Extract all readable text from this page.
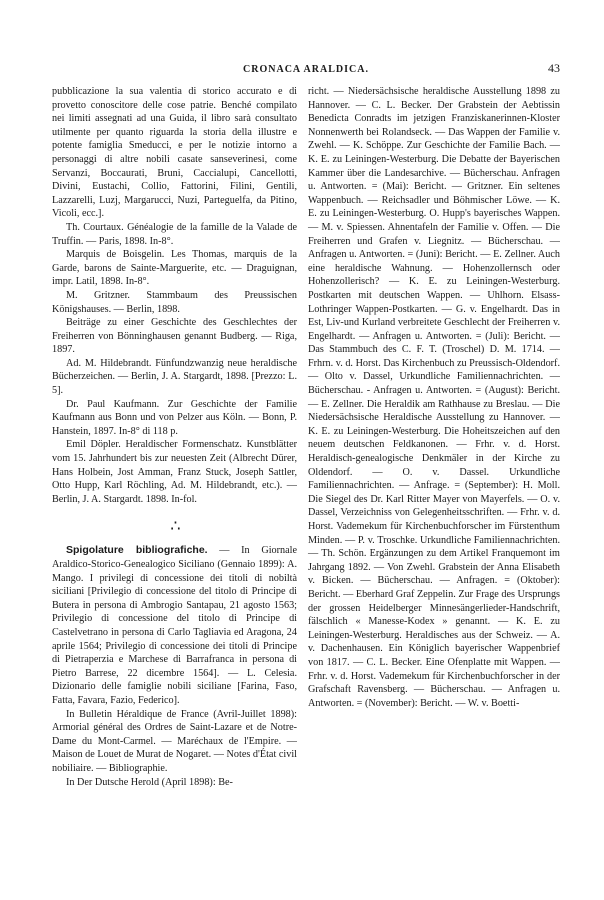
CRONACA ARALDICA.	43

pubblicazione la sua valentia di storico accurato e di provetto conoscitore delle cose patrie. Benché compilato nei limiti assegnati ad una Guida, il libro sarà consultato utilmente per quanto riguarda la storia della illustre e potente famiglia Smeducci, e per le notizie intorno a personaggi di altre nobili casate sanseverinesi, come Servanzi, Boccaurati, Bruni, Caccialupi, Cancellotti, Divini, Eustachi, Collio, Fattorini, Filini, Gentili, Lazzarelli, Luzj, Margarucci, Nuzi, Parteguelfa, da Pitino, Vicoli, ecc.].

Th. Courtaux. Généalogie de la famille de la Valade de Truffin. — Paris, 1898. In-8°.

Marquis de Boisgelin. Les Thomas, marquis de la Garde, barons de Sainte-Marguerite, etc. — Draguignan, impr. Latil, 1898. In-8°.

M. Gritzner. Stammbaum des Preussischen Königshauses. — Berlin, 1898.

Beiträge zu einer Geschichte des Geschlechtes der Freiherren von Bönninghausen genannt Budberg. — Riga, 1897.

Ad. M. Hildebrandt. Fünfundzwanzig neue heraldische Bücherzeichen. — Berlin, J. A. Stargardt, 1898. [Prezzo: L. 5].

Dr. Paul Kaufmann. Zur Geschichte der Familie Kaufmann aus Bonn und von Pelzer aus Köln. — Bonn, P. Hanstein, 1897. In-8° di 118 p.

Emil Döpler. Heraldischer Formenschatz. Kunstblätter vom 15. Jahrhundert bis zur neuesten Zeit (Albrecht Dürer, Hans Holbein, Jost Amman, Franz Stuck, Joseph Sattler, Otto Hupp, Karl Röchling, Ad. M. Hildebrandt, etc.). — Berlin, J. A. Stargardt. 1898. In-fol.

∴

Spigolature bibliografiche. — In Giornale Araldico-Storico-Genealogico Siciliano (Gennaio 1899): A. Mango. I privilegi di concessione dei titoli di nobiltà siciliani [Privilegio di concessione del titolo di Principe di Butera in persona di Ambrogio Santapau, 21 agosto 1563; Privilegio di concessione del titolo di Principe di Castelvetrano in persona di Carlo Tagliavia ed Aragona, 24 aprile 1564; Privilegio di concessione dei titoli di Principe di Pietraperzia e Marchese di Barrafranca in persona di Pietro Barrese, 22 dicembre 1564]. — L. Celesia. Dizionario delle famiglie nobili siciliane [Farina, Faso, Fatta, Favara, Fazio, Federico].

In Bulletin Héraldique de France (Avril-Juillet 1898): Armorial général des Ordres de Saint-Lazare et de Notre-Dame du Mont-Carmel. — Maréchaux de l'Empire. — Maison de Louet de Murat de Nogaret. — Notes d'État civil nobiliaire. — Bibliographie.

In Der Dutsche Herold (April 1898): Be-

richt. — Niedersächsische heraldische Ausstellung 1898 zu Hannover. — C. L. Becker. Der Grabstein der Aebtissin Benedicta Conradts im jetzigen Franziskanerinnen-Kloster Nonnenwerth bei Rolandseck. — Das Wappen der Familie v. Zwehl. — K. Schöppe. Zur Geschichte der Familie Bach. — K. E. zu Leiningen-Westerburg. Die Debatte der Bayerischen Kammer über die Landesarchive. — Bücherschau. Anfragen u. Antworten. = (Mai): Bericht. — Gritzner. Ein seltenes Wappenbuch. — Reichsadler und Böhmischer Löwe. — K. E. zu Leiningen-Westerburg. O. Hupp's bayerisches Wappen. — M. v. Spiessen. Ahnentafeln der Familie v. Offen. — Die Freiherren und Grafen v. Liegnitz. — Bücherschau. — Anfragen u. Antworten. = (Juni): Bericht. — E. Zellner. Auch eine heraldische Wahnung. — Hohenzollernsch oder Hohenzollerisch? — K. E. zu Leiningen-Westerburg. Postkarten mit deutschen Wappen. — Uhlhorn. Elsass-Lothringer Wappen-Postkarten. — G. v. Engelhardt. Das in Est, Liv-und Kurland verbreitete Geschlecht der Freiherren v. Engelhardt. — Anfragen u. Antworten. = (Juli): Bericht. — Das Stammbuch des C. F. T. (Troschel) D. M. 1714. — Frhrn. v. d. Horst. Das Kirchenbuch zu Preussisch-Oldendorf. — Olto v. Dassel, Urkundliche Familiennachrichten. — Bücherschau. - Anfragen u. Antworten. = (August): Bericht. — E. Zellner. Die Heraldik am Rathhause zu Breslau. — Die Niedersächsische Heraldische Ausstellung zu Hannover. — K. E. zu Leiningen-Westerburg. Die Hoheitszeichen auf den neuem deutschen Feldkanonen. — Frhr. v. d. Horst. Heraldisch-genealogische Denkmäler in der Kirche zu Oldendorf. — O. v. Dassel. Urkundliche Familiennachrichten. — Anfrage. = (September): H. Moll. Die Siegel des Dr. Karl Ritter Mayer von Mayerfels. — O. v. Dassel, Verzeichniss von Gelegenheitsschriften. — Frhr. v. d. Horst. Vademekum für Kirchenbuchforscher im Fürstenthum Minden. — P. v. Troschke. Urkundliche Familiennachrichten. — Th. Schön. Ergänzungen zu dem Artikel Franquemont im Jahrgang 1892. — Von Zwehl. Grabstein der Anna Elisabeth v. Bicken. — Bücherschau. — Anfragen. = (Oktober): Bericht. — Eberhard Graf Zeppelin. Zur Frage des Ursprungs der grossen Heidelberger Minnesängerlieder-Handschrift, fälschlich « Manesse-Kodex » genannt. — K. E. zu Leiningen-Westerburg. Heraldisches aus der Schweiz. — A. v. Dachenhausen. Ein Königlich bayerischer Wappenbrief von 1817. — C. L. Becker. Eine Ofenplatte mit Wappen. — Frhr. v. d. Horst. Vademekum für Kirchenbuchforscher in der Grafschaft Ravensberg. — Bücherschau. — Anfragen u. Antworten. = (November): Bericht. — W. v. Boetti-
